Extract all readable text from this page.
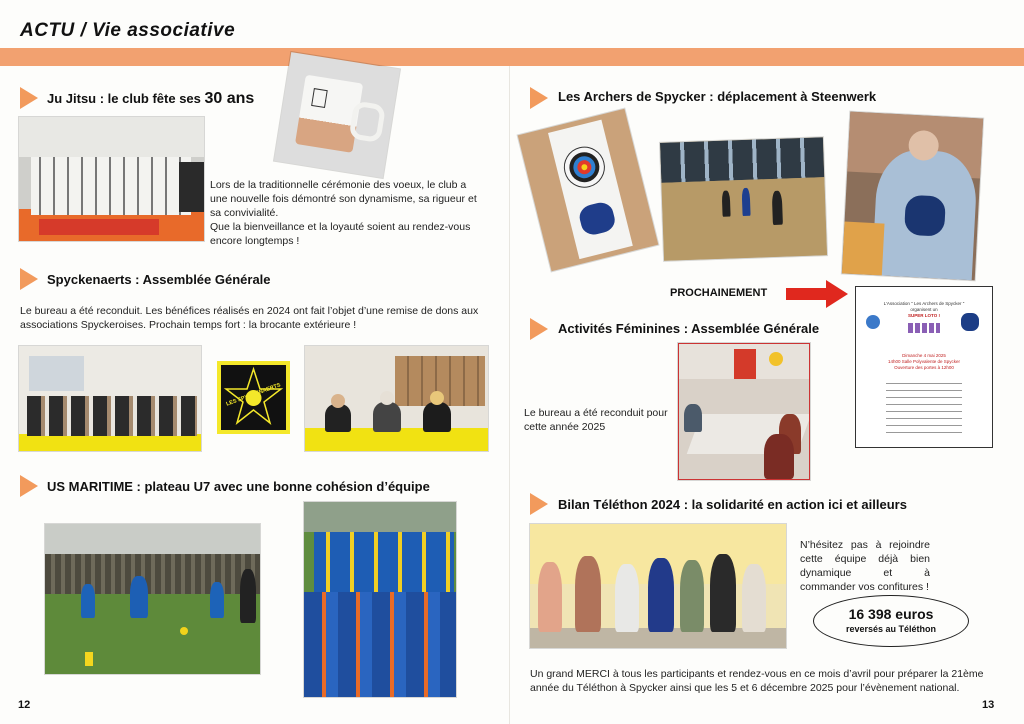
ACTU / Vie associative
Ju Jitsu : le club fête ses 30 ans
Lors de la traditionnelle cérémonie des voeux, le club a une nouvelle fois démontré son dynamisme, sa rigueur et sa convivialité.
Que la bienveillance et la loyauté soient au rendez-vous encore longtemps !
Spyckenaerts : Assemblée Générale
Le bureau a été reconduit. Les bénéfices réalisés en 2024 ont fait l’objet d’une remise de dons aux associations Spyckeroises. Prochain temps fort : la brocante extérieure !
LES SPYCKENAERTS
US MARITIME : plateau U7 avec une bonne cohésion d’équipe
12
Les Archers de Spycker : déplacement à Steenwerk
PROCHAINEMENT
L’Association " Les Archers de Spycker "
organisent un
SUPER LOTO !
Dimanche 4 mai 2025
14h00 Salle Polyvalente de Spycker
Ouverture des portes à 12h00
Activités Féminines : Assemblée Générale
Le bureau a été reconduit pour cette année 2025
Bilan Téléthon 2024 : la solidarité en action ici et ailleurs
N’hésitez pas à rejoindre cette équipe déjà bien dynamique et à commander vos confitures !
16 398 euros
reversés au Téléthon
Un grand MERCI à tous les participants et rendez-vous en ce mois d’avril pour préparer la 21ème année du Téléthon à Spycker ainsi que les 5 et 6 décembre 2025 pour l’évènement national.
13
